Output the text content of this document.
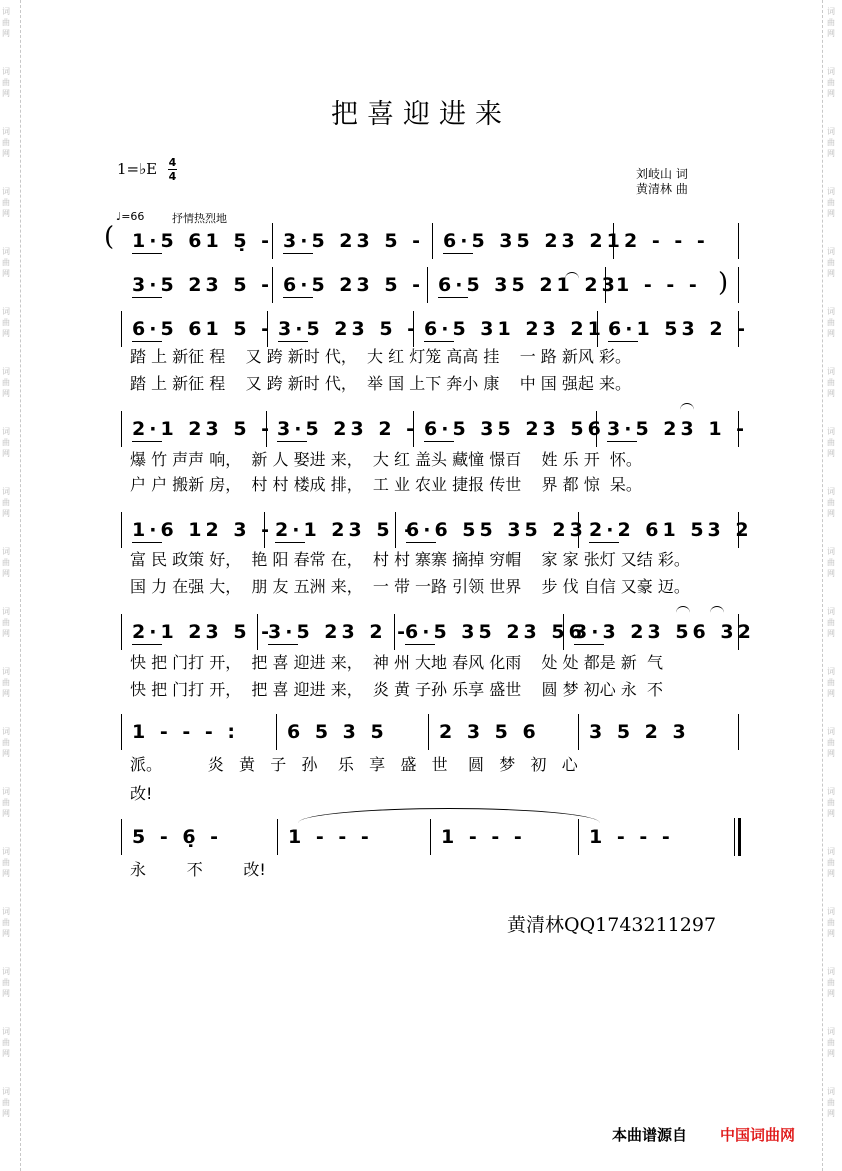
词
曲
网
词
曲
网
词
曲
网
词
曲
网
词
曲
网
词
曲
网
词
曲
网
词
曲
网
词
曲
网
词
曲
网
词
曲
网
词
曲
网
词
曲
网
词
曲
网
词
曲
网
词
曲
网
词
曲
网
词
曲
网
词
曲
网
词
曲
网
词
曲
网
词
曲
网
词
曲
网
词
曲
网
词
曲
网
词
曲
网
词
曲
网
词
曲
网
词
曲
网
词
曲
网
词
曲
网
词
曲
网
词
曲
网
词
曲
网
词
曲
网
词
曲
网
词
曲
网
词
曲
网
把喜迎进来
1=♭E 4
4	刘岐山 词
黄清林 曲
♩=66	抒情热烈地
1·5 61 5̣ - 3·5 23 5 - 6·5 35 23 21 2 - - -
3·5 23 5 - 6·5 23 5 - 6·5 35 21 23
1 - - -
6·5 61 5 - 3·5 23 5 - 6·5 31 23 21 6·1 53 2 -
踏 上 新征 程    又 跨 新时 代，  大 红 灯笼 高高 挂    一 路 新风 彩。
踏 上 新征 程    又 跨 新时 代，  举 国 上下 奔小 康    中 国 强起 来。
2·1 23 5 - 3·5 23 2 - 6·5 35 23 56 3·5 23 1 -
爆 竹 声声 响，  新 人 娶进 来，  大 红 盖头 藏憧 憬百    姓 乐 开  怀。
户 户 搬新 房，  村 村 楼成 排，  工 业 农业 捷报 传世    界 都 惊  呆。
1·6 12 3 - 2·1 23 5 -
6·6 55 35 23 2·2 61 53 2
富 民 政策 好，  艳 阳 春常 在，  村 村 寨寨 摘掉 穷帽    家 家 张灯 又结 彩。
国 力 在强 大，  朋 友 五洲 来，  一 带 一路 引领 世界    步 伐 自信 又豪 迈。
2·1 23 5 -
3·5 23 2 -
6·5 35 23 56
3·3 23 56 32
快 把 门打 开，  把 喜 迎进 来，  神 州 大地 春风 化雨    处 处 都是 新  气
快 把 门打 开，  把 喜 迎进 来，  炎 黄 子孙 乐享 盛世    圆 梦 初心 永  不
1 - - - :	6 5 3 5	2 3 5 6	3 5 2 3
派。         炎   黄   子   孙    乐   享   盛   世    圆   梦   初   心
改!
5 - 6̣ -	1 - - -	1 - - -	1 - - -
永        不        改!
(
)
黄清林QQ1743211297
本曲谱源自 中国词曲网
